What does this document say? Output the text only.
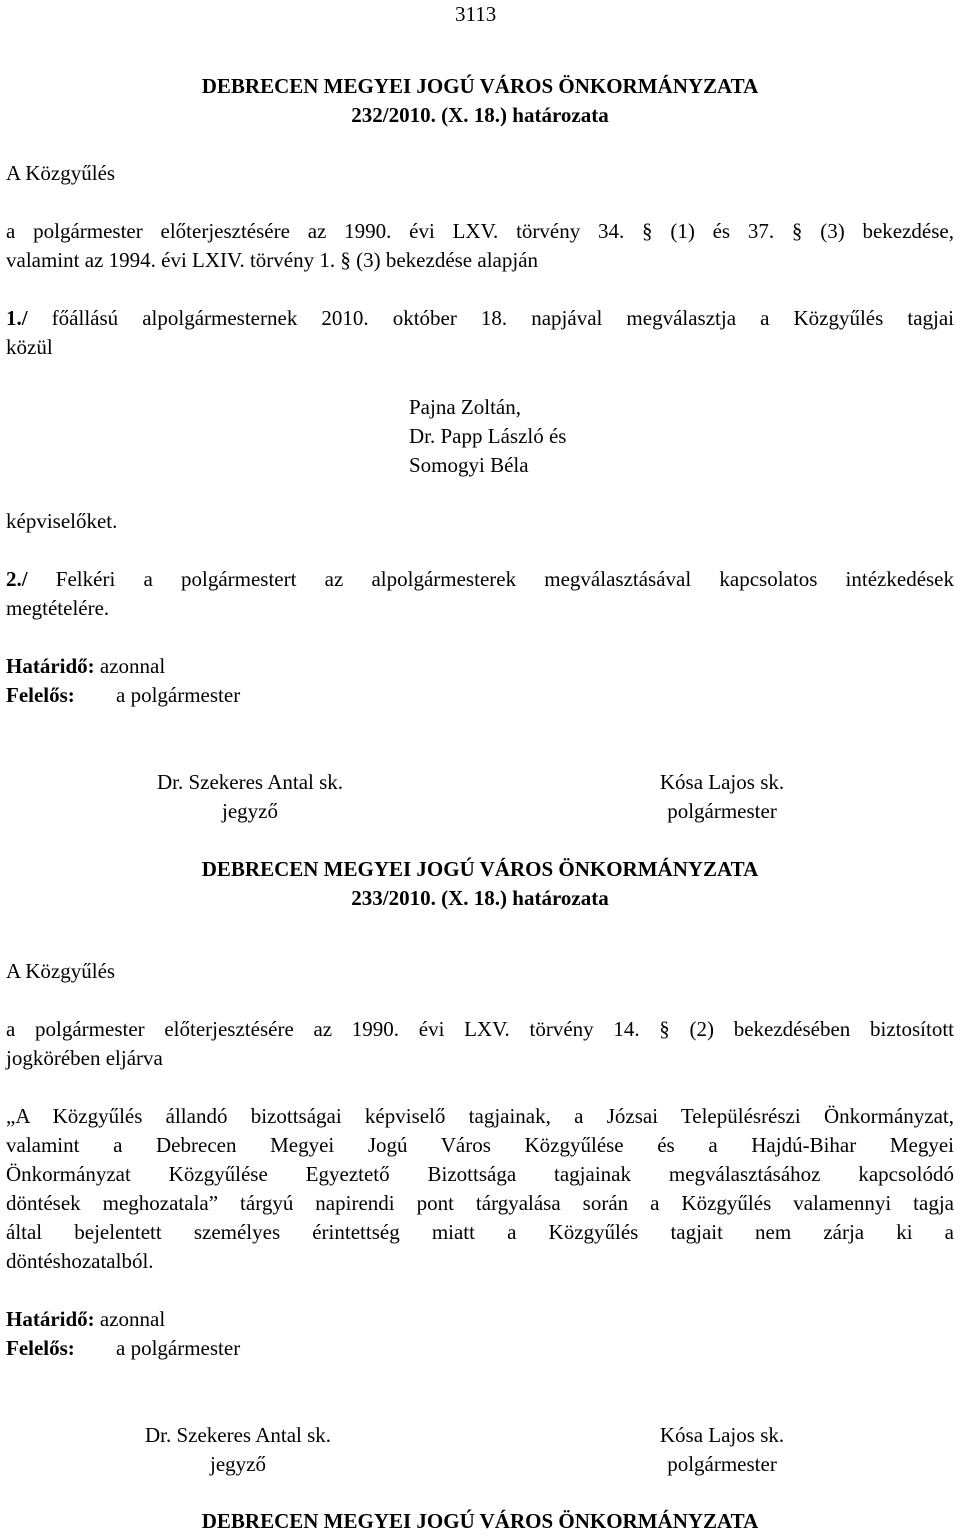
3113
DEBRECEN MEGYEI JOGÚ VÁROS ÖNKORMÁNYZATA
232/2010. (X. 18.) határozata
A Közgyűlés
a polgármester előterjesztésére az 1990. évi LXV. törvény 34. § (1) és 37. § (3) bekezdése,
valamint az 1994. évi LXIV. törvény 1. § (3) bekezdése alapján
1./ főállású alpolgármesternek 2010. október 18. napjával megválasztja a Közgyűlés tagjai
közül
Pajna Zoltán,
Dr. Papp László és
Somogyi Béla
képviselőket.
2./ Felkéri a polgármestert az alpolgármesterek megválasztásával kapcsolatos intézkedések
megtételére.
Határidő: azonnal
Felelős: a polgármester
Dr. Szekeres Antal sk.
jegyző
Kósa Lajos sk.
polgármester
DEBRECEN MEGYEI JOGÚ VÁROS ÖNKORMÁNYZATA
233/2010. (X. 18.) határozata
A Közgyűlés
a polgármester előterjesztésére az 1990. évi LXV. törvény 14. § (2) bekezdésében biztosított
jogkörében eljárva
„A Közgyűlés állandó bizottságai képviselő tagjainak, a Józsai Településrészi Önkormányzat,
valamint a Debrecen Megyei Jogú Város Közgyűlése és a Hajdú-Bihar Megyei
Önkormányzat Közgyűlése Egyeztető Bizottsága tagjainak megválasztásához kapcsolódó
döntések meghozatala” tárgyú napirendi pont tárgyalása során a Közgyűlés valamennyi tagja
által bejelentett személyes érintettség miatt a Közgyűlés tagjait nem zárja ki a
döntéshozatalból.
Határidő: azonnal
Felelős: a polgármester
Dr. Szekeres Antal sk.
jegyző
Kósa Lajos sk.
polgármester
DEBRECEN MEGYEI JOGÚ VÁROS ÖNKORMÁNYZATA
